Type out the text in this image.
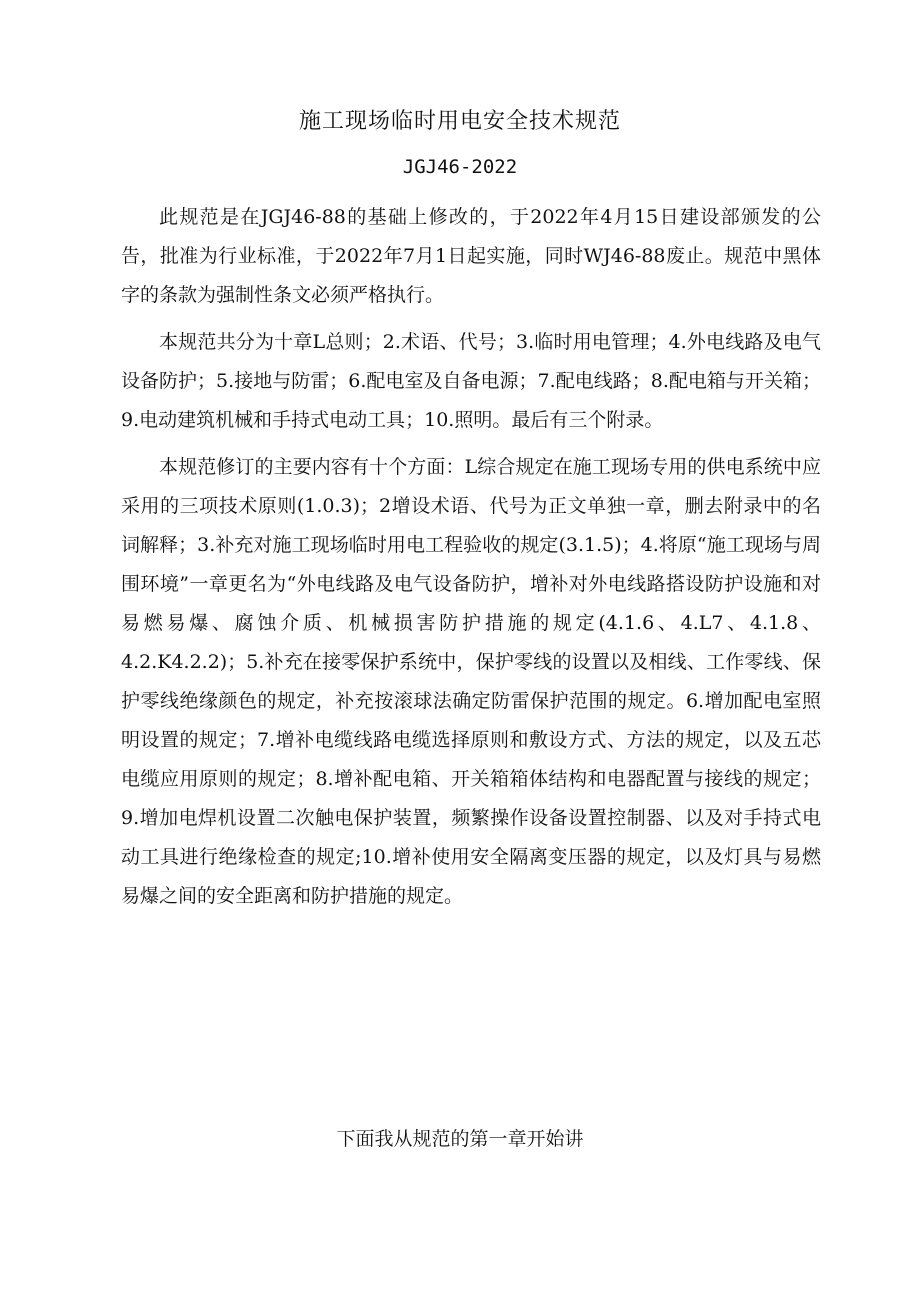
施工现场临时用电安全技术规范
JGJ46-2022

此规范是在JGJ46-88的基础上修改的，于2022年4月15日建设部颁发的公告，批准为行业标准，于2022年7月1日起实施，同时WJ46-88废止。规范中黑体字的条款为强制性条文必须严格执行。

本规范共分为十章L总则；2.术语、代号；3.临时用电管理；4.外电线路及电气设备防护；5.接地与防雷；6.配电室及自备电源；7.配电线路；8.配电箱与开关箱；9.电动建筑机械和手持式电动工具；10.照明。最后有三个附录。

本规范修订的主要内容有十个方面：L综合规定在施工现场专用的供电系统中应采用的三项技术原则(1.0.3)；2增设术语、代号为正文单独一章，删去附录中的名词解释；3.补充对施工现场临时用电工程验收的规定(3.1.5)；4.将原“施工现场与周围环境”一章更名为“外电线路及电气设备防护，增补对外电线路搭设防护设施和对易燃易爆、腐蚀介质、机械损害防护措施的规定(4.1.6、4.L7、4.1.8、4.2.K4.2.2)；5.补充在接零保护系统中，保护零线的设置以及相线、工作零线、保护零线绝缘颜色的规定，补充按滚球法确定防雷保护范围的规定。6.增加配电室照明设置的规定；7.增补电缆线路电缆选择原则和敷设方式、方法的规定，以及五芯电缆应用原则的规定；8.增补配电箱、开关箱箱体结构和电器配置与接线的规定；9.增加电焊机设置二次触电保护装置，频繁操作设备设置控制器、以及对手持式电动工具进行绝缘检查的规定;10.增补使用安全隔离变压器的规定，以及灯具与易燃易爆之间的安全距离和防护措施的规定。

下面我从规范的第一章开始讲
